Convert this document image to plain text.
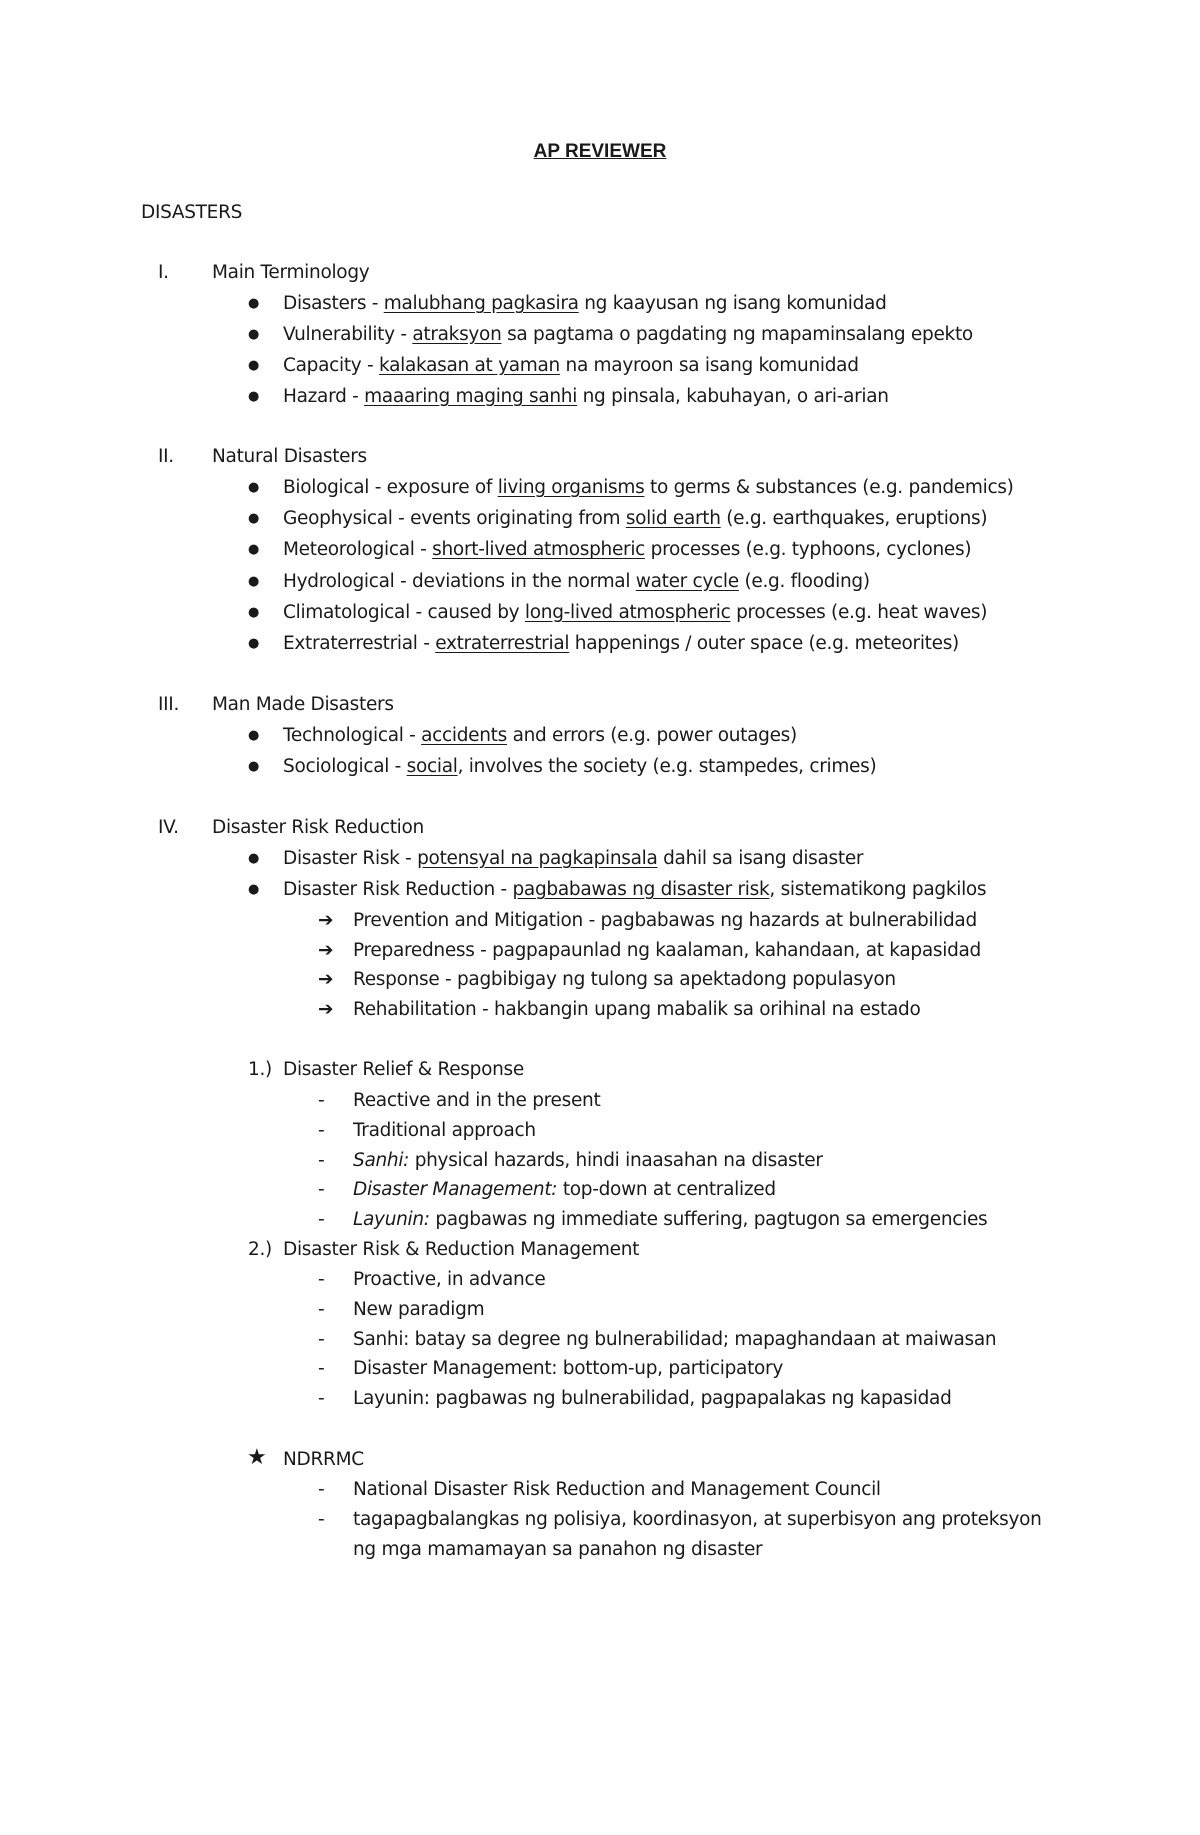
AP REVIEWER
DISASTERS
I. Main Terminology
● Disasters - malubhang pagkasira ng kaayusan ng isang komunidad
● Vulnerability - atraksyon sa pagtama o pagdating ng mapaminsalang epekto
● Capacity - kalakasan at yaman na mayroon sa isang komunidad
● Hazard - maaaring maging sanhi ng pinsala, kabuhayan, o ari-arian
II. Natural Disasters
● Biological - exposure of living organisms to germs & substances (e.g. pandemics)
● Geophysical - events originating from solid earth (e.g. earthquakes, eruptions)
● Meteorological - short-lived atmospheric processes (e.g. typhoons, cyclones)
● Hydrological - deviations in the normal water cycle (e.g. flooding)
● Climatological - caused by long-lived atmospheric processes (e.g. heat waves)
● Extraterrestrial - extraterrestrial happenings / outer space (e.g. meteorites)
III. Man Made Disasters
● Technological - accidents and errors (e.g. power outages)
● Sociological - social, involves the society (e.g. stampedes, crimes)
IV. Disaster Risk Reduction
● Disaster Risk - potensyal na pagkapinsala dahil sa isang disaster
● Disaster Risk Reduction - pagbabawas ng disaster risk, sistematikong pagkilos
➔ Prevention and Mitigation - pagbabawas ng hazards at bulnerabilidad
➔ Preparedness - pagpapaunlad ng kaalaman, kahandaan, at kapasidad
➔ Response - pagbibigay ng tulong sa apektadong populasyon
➔ Rehabilitation - hakbangin upang mabalik sa orihinal na estado
1.) Disaster Relief & Response
- Reactive and in the present
- Traditional approach
- Sanhi: physical hazards, hindi inaasahan na disaster
- Disaster Management: top-down at centralized
- Layunin: pagbawas ng immediate suffering, pagtugon sa emergencies
2.) Disaster Risk & Reduction Management
- Proactive, in advance
- New paradigm
- Sanhi: batay sa degree ng bulnerabilidad; mapaghandaan at maiwasan
- Disaster Management: bottom-up, participatory
- Layunin: pagbawas ng bulnerabilidad, pagpapalakas ng kapasidad
★ NDRRMC
- National Disaster Risk Reduction and Management Council
- tagapagbalangkas ng polisiya, koordinasyon, at superbisyon ang proteksyon
ng mga mamamayan sa panahon ng disaster
